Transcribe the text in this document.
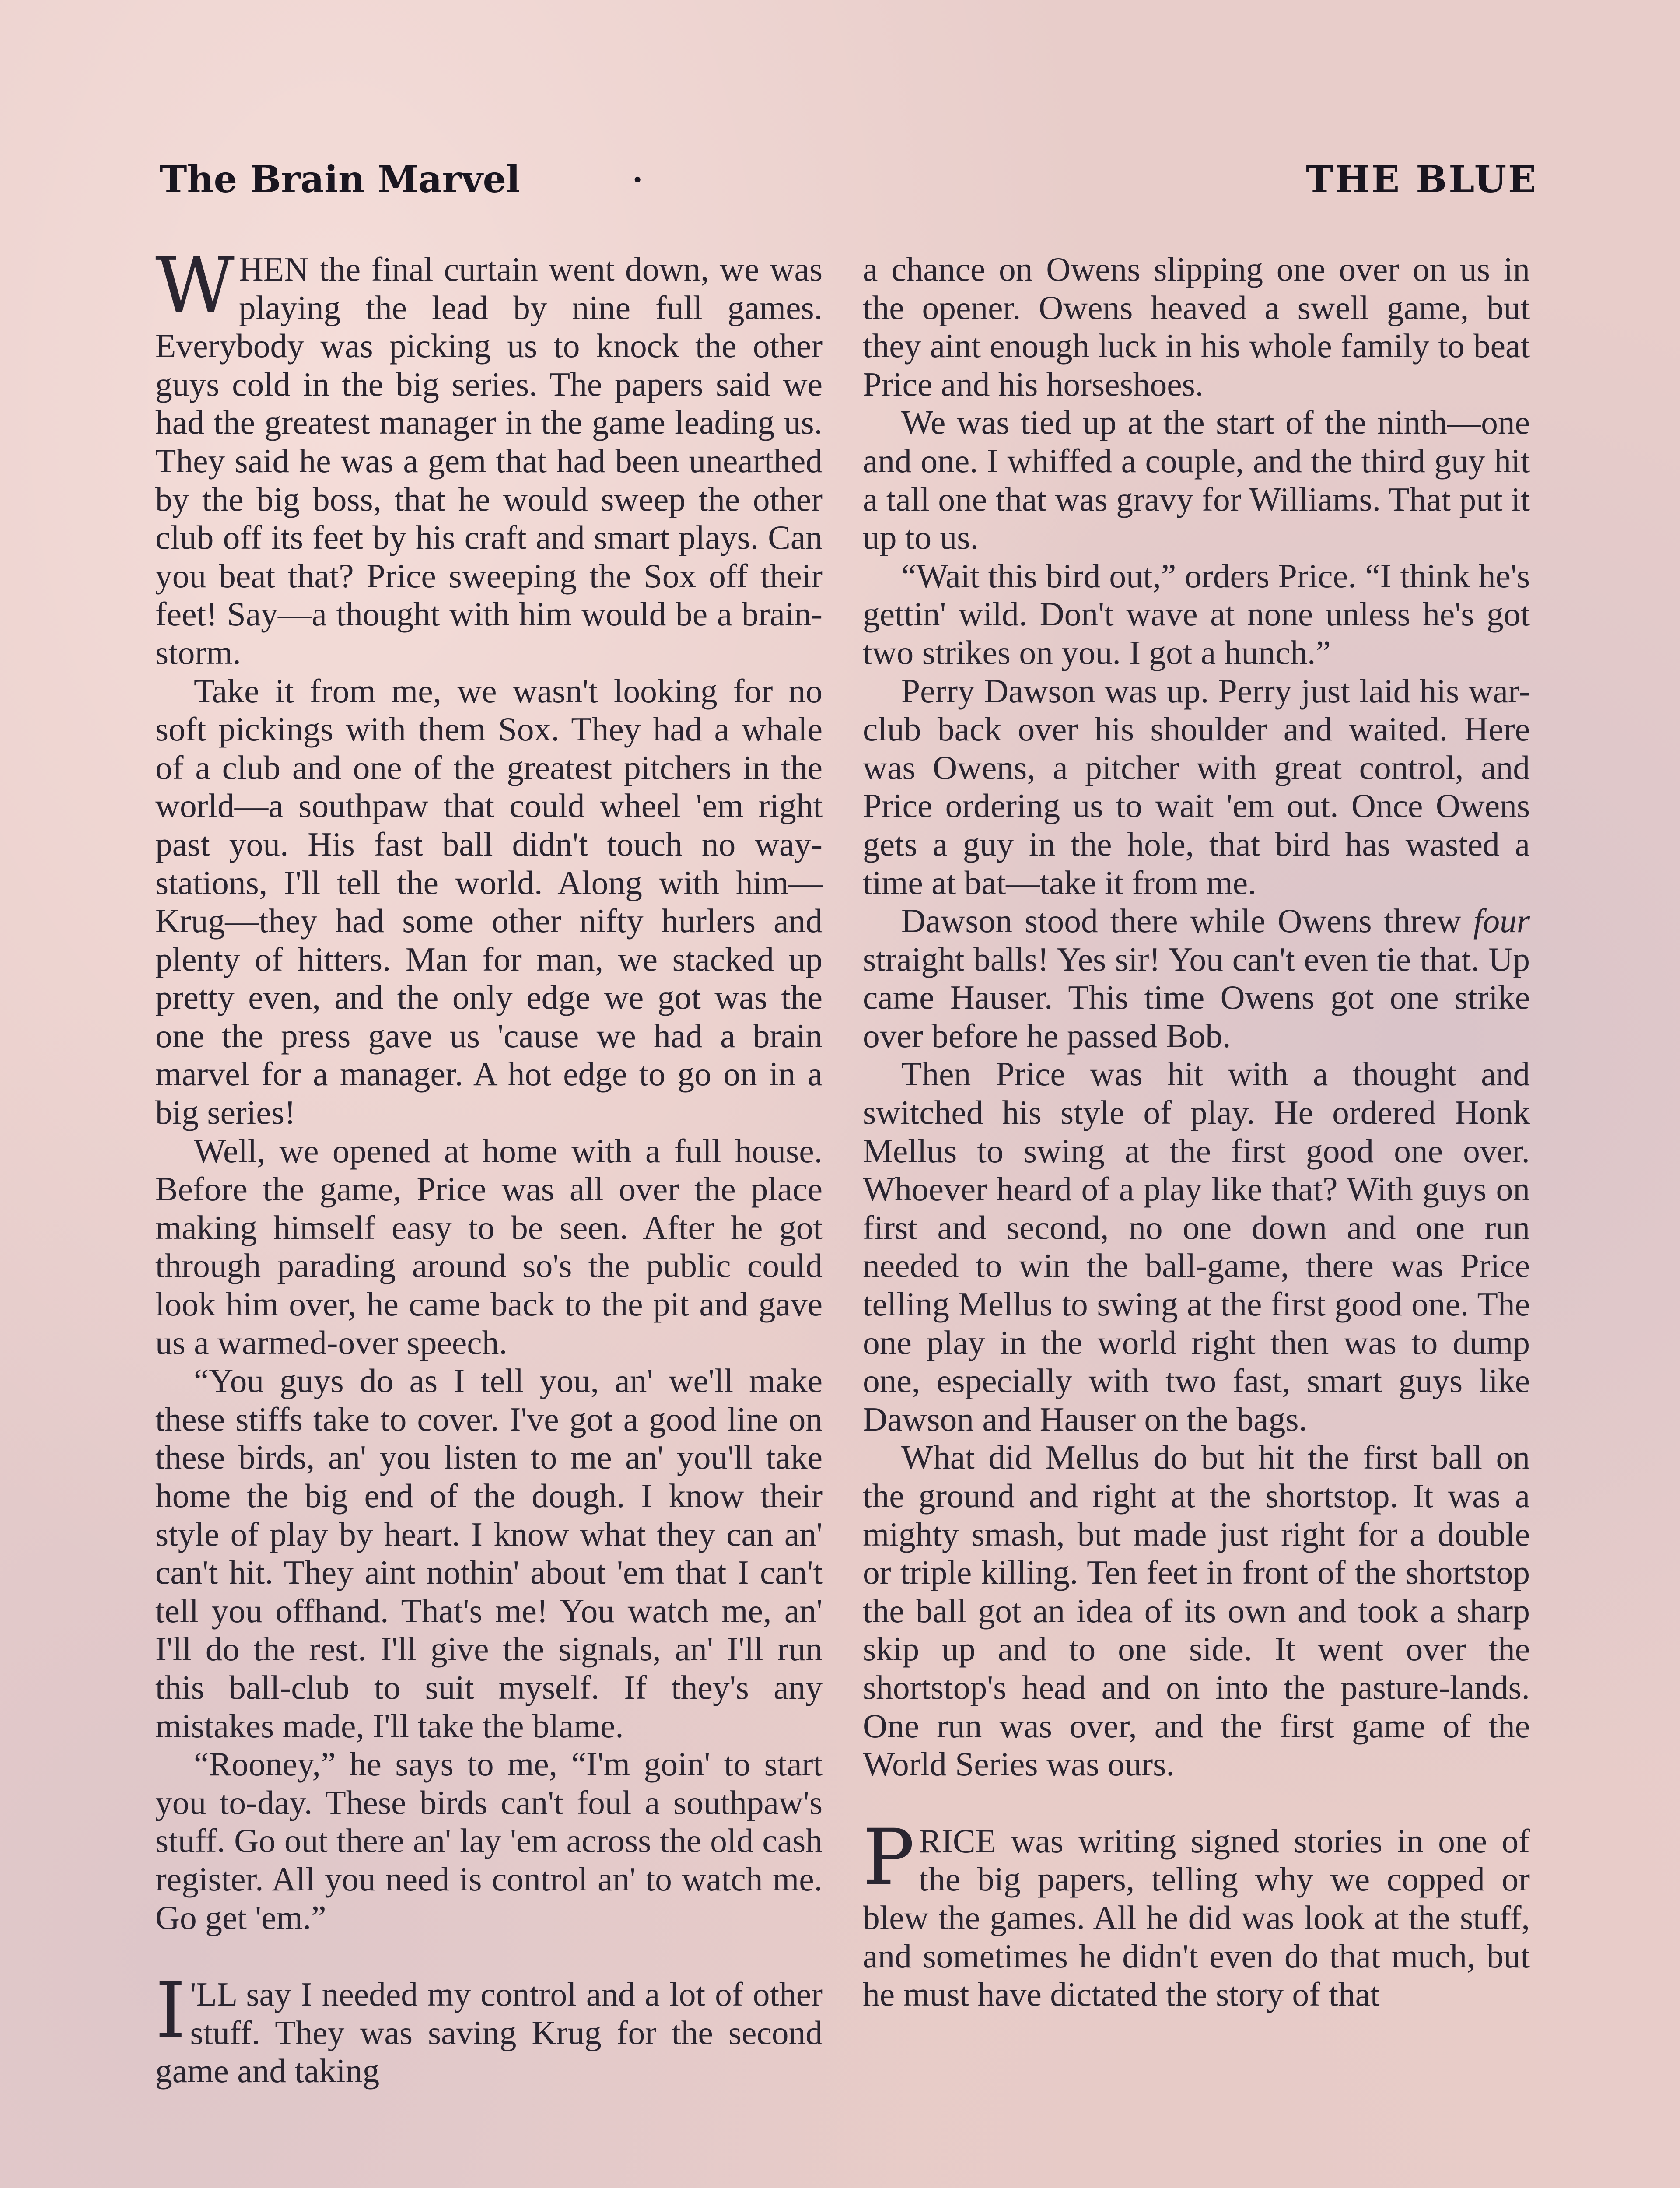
The Brain Marvel	.	THE BLUE

WHEN the final curtain went down, we was playing the lead by nine full games. Everybody was picking us to knock the other guys cold in the big series. The papers said we had the greatest manager in the game leading us. They said he was a gem that had been unearthed by the big boss, that he would sweep the other club off its feet by his craft and smart plays. Can you beat that? Price sweeping the Sox off their feet! Say—a thought with him would be a brain-storm.

Take it from me, we wasn't looking for no soft pickings with them Sox. They had a whale of a club and one of the greatest pitchers in the world—a southpaw that could wheel 'em right past you. His fast ball didn't touch no way-stations, I'll tell the world. Along with him—Krug—they had some other nifty hurlers and plenty of hitters. Man for man, we stacked up pretty even, and the only edge we got was the one the press gave us 'cause we had a brain marvel for a manager. A hot edge to go on in a big series!

Well, we opened at home with a full house. Before the game, Price was all over the place making himself easy to be seen. After he got through parading around so's the public could look him over, he came back to the pit and gave us a warmed-over speech.

“You guys do as I tell you, an' we'll make these stiffs take to cover. I've got a good line on these birds, an' you listen to me an' you'll take home the big end of the dough. I know their style of play by heart. I know what they can an' can't hit. They aint nothin' about 'em that I can't tell you offhand. That's me! You watch me, an' I'll do the rest. I'll give the signals, an' I'll run this ball-club to suit myself. If they's any mistakes made, I'll take the blame.

“Rooney,” he says to me, “I'm goin' to start you to-day. These birds can't foul a southpaw's stuff. Go out there an' lay 'em across the old cash register. All you need is control an' to watch me. Go get 'em.”

I 'LL say I needed my control and a lot of other stuff. They was saving Krug for the second game and taking

a chance on Owens slipping one over on us in the opener. Owens heaved a swell game, but they aint enough luck in his whole family to beat Price and his horseshoes.

We was tied up at the start of the ninth—one and one. I whiffed a couple, and the third guy hit a tall one that was gravy for Williams. That put it up to us.

“Wait this bird out,” orders Price. “I think he's gettin' wild. Don't wave at none unless he's got two strikes on you. I got a hunch.”

Perry Dawson was up. Perry just laid his war-club back over his shoulder and waited. Here was Owens, a pitcher with great control, and Price ordering us to wait 'em out. Once Owens gets a guy in the hole, that bird has wasted a time at bat—take it from me.

Dawson stood there while Owens threw four straight balls! Yes sir! You can't even tie that. Up came Hauser. This time Owens got one strike over before he passed Bob.

Then Price was hit with a thought and switched his style of play. He ordered Honk Mellus to swing at the first good one over. Whoever heard of a play like that? With guys on first and second, no one down and one run needed to win the ball-game, there was Price telling Mellus to swing at the first good one. The one play in the world right then was to dump one, especially with two fast, smart guys like Dawson and Hauser on the bags.

What did Mellus do but hit the first ball on the ground and right at the shortstop. It was a mighty smash, but made just right for a double or triple killing. Ten feet in front of the shortstop the ball got an idea of its own and took a sharp skip up and to one side. It went over the shortstop's head and on into the pasture-lands. One run was over, and the first game of the World Series was ours.

PRICE was writing signed stories in one of the big papers, telling why we copped or blew the games. All he did was look at the stuff, and sometimes he didn't even do that much, but he must have dictated the story of that
